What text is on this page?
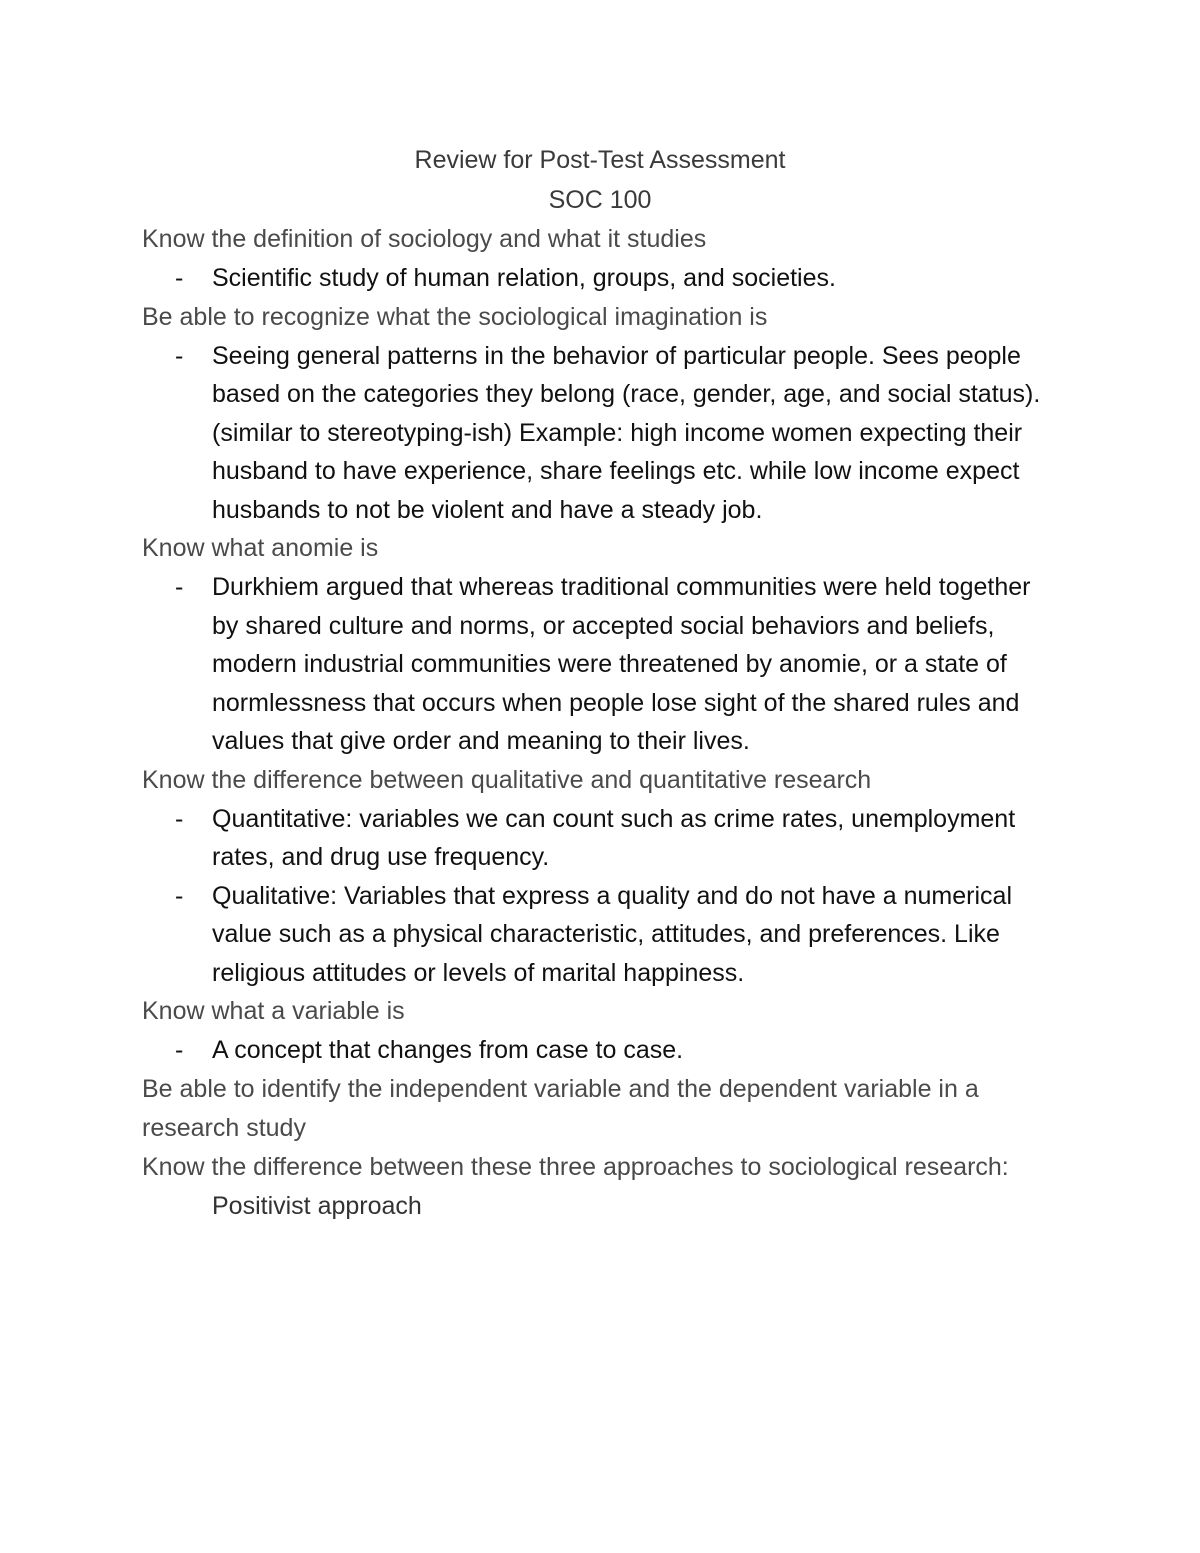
Review for Post-Test Assessment
SOC 100
Know the definition of sociology and what it studies
-	Scientific study of human relation, groups, and societies.
Be able to recognize what the sociological imagination is
-	Seeing general patterns in the behavior of particular people. Sees people based on the categories they belong (race, gender, age, and social status). (similar to stereotyping-ish) Example: high income women expecting their husband to have experience, share feelings etc. while low income expect husbands to not be violent and have a steady job.
Know what anomie is
-	Durkhiem argued that whereas traditional communities were held together by shared culture and norms, or accepted social behaviors and beliefs, modern industrial communities were threatened by anomie, or a state of normlessness that occurs when people lose sight of the shared rules and values that give order and meaning to their lives.
Know the difference between qualitative and quantitative research
-	Quantitative: variables we can count such as crime rates, unemployment rates, and drug use frequency.
-	Qualitative: Variables that express a quality and do not have a numerical value such as a physical characteristic, attitudes, and preferences. Like religious attitudes or levels of marital happiness.
Know what a variable is
-	A concept that changes from case to case.
Be able to identify the independent variable and the dependent variable in a research study
Know the difference between these three approaches to sociological research:
Positivist approach
